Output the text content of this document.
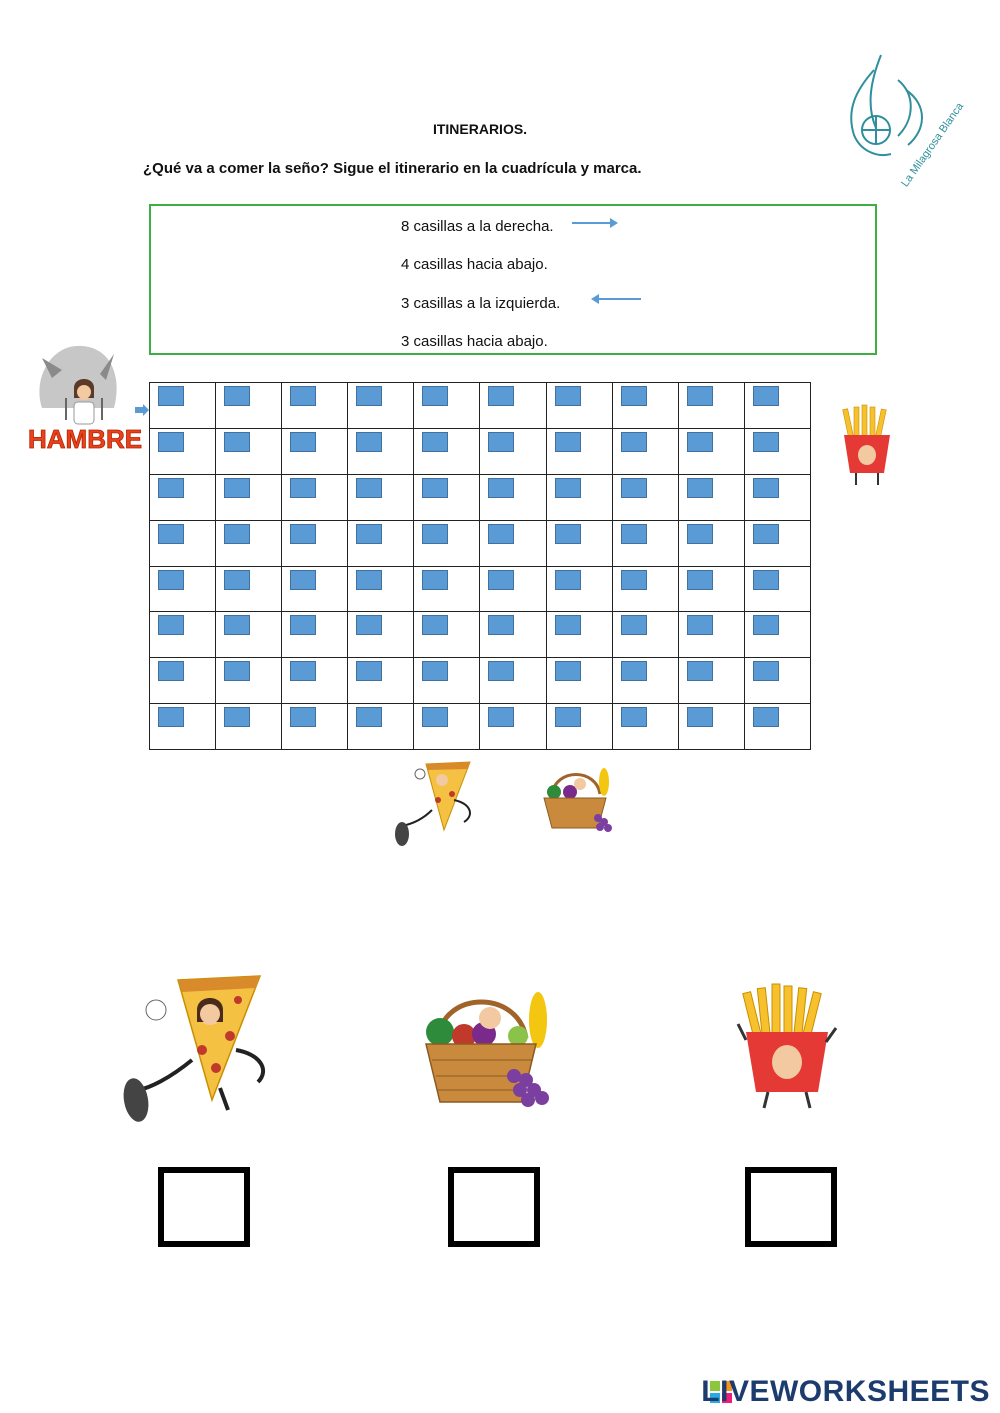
La Milagrosa Blanca
ITINERARIOS.
¿Qué va a comer la seño? Sigue el itinerario en la cuadrícula y marca.
8 casillas a la derecha.
4 casillas hacia abajo.
3 casillas a la izquierda.
3 casillas hacia abajo.
HAMBRE

LIVEWORKSHEETS
